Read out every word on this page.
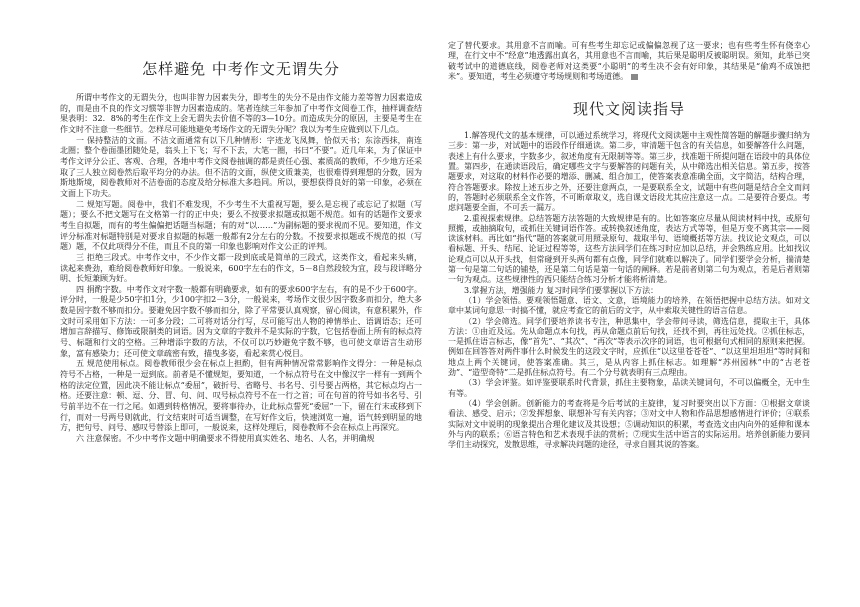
怎样避免 中考作文无谓失分

所谓中考作文的无谓失分，也叫非智力因素失分，即考生的失分不是由作文能力差等智力因素造成的，而是由不良的作文习惯等非智力因素造成的。笔者连续三年参加了中考作文阅卷工作，抽样调查结果表明：32．8%的考生在作文上会无谓失去价值不等的3—10分。而造成失分的原因，主要是考生在作文时不注意一些细节。怎样尽可能地避免考场作文的无谓失分呢？我以为考生应做到以下几点。

一 保持整洁的文面。不洁文面通常有以下几种情形：字迹龙飞凤舞，恰似天书；东涂西抹，南连北圈；整个卷面墨团随处是，翁头上下飞；写不下去，大笔一圈，书曰“不要”。近几年来，为了保证中考作文评分公正、客观、合理，各地中考作文阅卷抽调的都是责任心强、素质高的教师，不少地方还采取了三人独立阅卷然后取平均分的办法。但不洁的文面，纵使文质兼美，也很难得到理想的分数，因为斯地斯境，阅卷教师对不洁卷面的态度及给分标准大多趋同。所以，要想获得良好的第一印象，必须在文面上下功夫。

二 规矩写题。阅卷中，我们不难发现，不少考生不大重视写题，要么是忘视了或忘记了拟题（写题）；要么不把文题写在文格第一行的正中央；要么不按要求拟题或拟题不规范。如有的话题作文要求考生自拟题，而有的考生偏偏把话题当标题；有的对“以……”为副标题的要求视而不见。要知道，作文评分标准对标题特别是对要求自拟题的标题一般都有2分左右的分数。不按要求拟题或不规范的拟（写题）题，不仅此项得分不佳，而且不良的第一印象也影响对作文公正的评判。

三 拒绝三段式。中考作文中，不少作文都一段到底或是简单的三段式，这类作文，看起来头痛，读起来费劲，难给阅卷教师好印象。一般说来，600字左右的作文，5－8自然段较为宜，段与段详略分明、长短兼顾为好。

四 捐酌字数。中考作文对字数一般都有明确要求，如有的要求600字左右，有的是不少于600字。评分时，一般是少50字扣1分，少100字扣2－3分，一般说来，考场作文很少因字数多而扣分，绝大多数是因字数不够而扣分。要避免因字数不够而扣分，除了平常要认真观察，留心阅读，有意积累外，作文时可采用如下方法：一可多分段；二可将对话分行写，尽可能写出人物的神情举止、语调语态；还可增加言辞描写、修饰或限制类的词语。因为文章的字数并不是实际的字数，它包括卷面上所有的标点符号、标题和行文的空格。三种增添字数的方法，不仅可以巧妙避免字数不够，也可使文章语言生动形象，富有感染力；还可使文章疏密有致，描曳多姿，看起来赏心悦目。

五 规范使用标点。阅卷教师很少会在标点上担酌，但有两种情况常常影响作文得分：一种是标点符号不占格，一种是一逗到底。前者是不懂规矩，要知道，一个标点符号在文中像汉字一样有一到两个格的法定位置，因此决不能让标点“委屈”，破折号、省略号、书名号、引号要占两格，其它标点均占一格。还要注意：顿、逗、分、冒、句、问、叹号标点符号不在一行之首；可在句首的符号如书名号、引号前半边不在一行之尾。如遇到转格情况，要将事待办，让此标点誓死“委屈”一下，留在行末或移到下行，而对一号两号则就此，行文结束时可适当调整，在写好作文后，快速浏览一遍，语气转到明显的地方，把句号、问号、感叹号替添上即可，一般说来，这样处理后，阅卷教师不会在标点上再深究。

六 注意保密。不少中考作文题中明确要求不得使用真实姓名、地名、人名，并明确规

定了替代要求。其用意不言而喻。可有些考生却忘记或偏偏忽视了这一要求；也有些考生怀有侥幸心理，在行文中不“经意”地透露出真名，其用意也不言而喻，其后果是聪明反被聪明误。须知，此举已突破考试中的道德底线，阅卷老师对这类要“小聪明”的考生决不会有好印象，其结果是“偷鸡不成蚀把米”。要知道，考生必须遵守考场规则和考场道德。

现代文阅读指导

1.解答现代文的基本规律，可以通过系统学习，将现代文阅读题中主观性简答题的解题步骤归纳为三步：第一步，对试题中的语段作仔细通读。第二步，审清题干包含的有关信息，如要解答什么问题，表述上有什么要求，字数多少，叙述角度有无限制等等。第三步，找准题干所提问题在语段中的具体位置。第四步，在通读语段后，确定哪些文字与要解答的问题有关，从中筛选出相关信息。第五步，按答题要求，对这取的材料作必要的增添、删减、组合加工，使答案表意准确全面，文字简洁，结构合理，符合答题要求。除按上述五步之外，还要注意两点，一是要联系全文，试题中有些问题是结合全文而问的，答题时必须联系全文作答，不可断章取义，选自课文语段尤其应注意这一点。二是要符合要点。考虑问题要全面，不可丢一漏万。

2.重视探索规律。总结答题方法答题的大致规律是有的。比如答案应尽量从阅读材料中找，或原句照搬，或抽摘取句，或抓住关键词语作答。或转换叙述角度，表达方式等等，但是万变不离其宗——阅读该材料。再比如“指代”题的答案就可用照录原句、裁取半句、语境概括等方法。找议论文观点，可以看标题、开头、结尾、论证过程等等，这些方法同学们在练习时应加以总结，并会熟练应用。比如找议论观点可以从开头找，但常碰到开头两句都有点像，同学们就难以解决了。同学们要学会分析，揣清楚第一句是第二句话的铺垫，还是第二句话是第一句话的阐释。若是前者则第二句为观点，若是后者则第一句为观点。这些规律性的西只能结合练习分析才能将析清楚。

3.掌握方法，增强能力 复习时同学们要掌握以下方法：

（1）学会领悟。要观领悟题意、语文、文意，语境能力的培养，在领悟把握中总结方法。如对文章中某词句意思一时搞不懂，就应考查它的前后的文字，从中索取关键性的语言信息。

（2）学会筛选。同学们要培养读书专注，种思集中，学会带问寻读，筛选信息，提取主干，具体方法：①由近及远。先从命题点本句找，再从命题点前后句找，还找不到，再往远处找。②抓住标志，一是抓住语言标志，像“首先”、“其次”、“再次”等表示次序的词语，也可根据句式相同的原则来把握。例如在回答答对两件事什么时候发生的这段文字时，应抓住“以这里苍苍苍”、“以这里坦坦坦”等时间和地点上两个关键词，使答案准确。其三，是从内容上抓住标志。如理解“苏州园林”中的“古老苍劲”、“造型奇特”二是抓住标点符号。有二个分号就表明有三点理由。

（3）学会评鉴。如评鉴要联系时代背景，抓住主要物象，品读关键词句，不可以偏概全，无中生有等。

（4）学会创新。创新能力的考查将是今后考试的主旋律，复习时要突出以下方面：①根据文章谈看法、感受、启示；②发挥想象、联想补写有关内容；③对文中人物和作品思想感情进行评价；④联系实际对文中说明的现象提出合理化建议及其设想；⑤调动知识的积累，考查选文由内向外的延伸和课本外与内的联系；⑥语言特色和艺术表现手法的赏析；⑦现实生活中语言的实际运用。培养创新能力要同学们主动探究，发散思维，寻求解决问题的途径，寻求自圆其说的答案。
